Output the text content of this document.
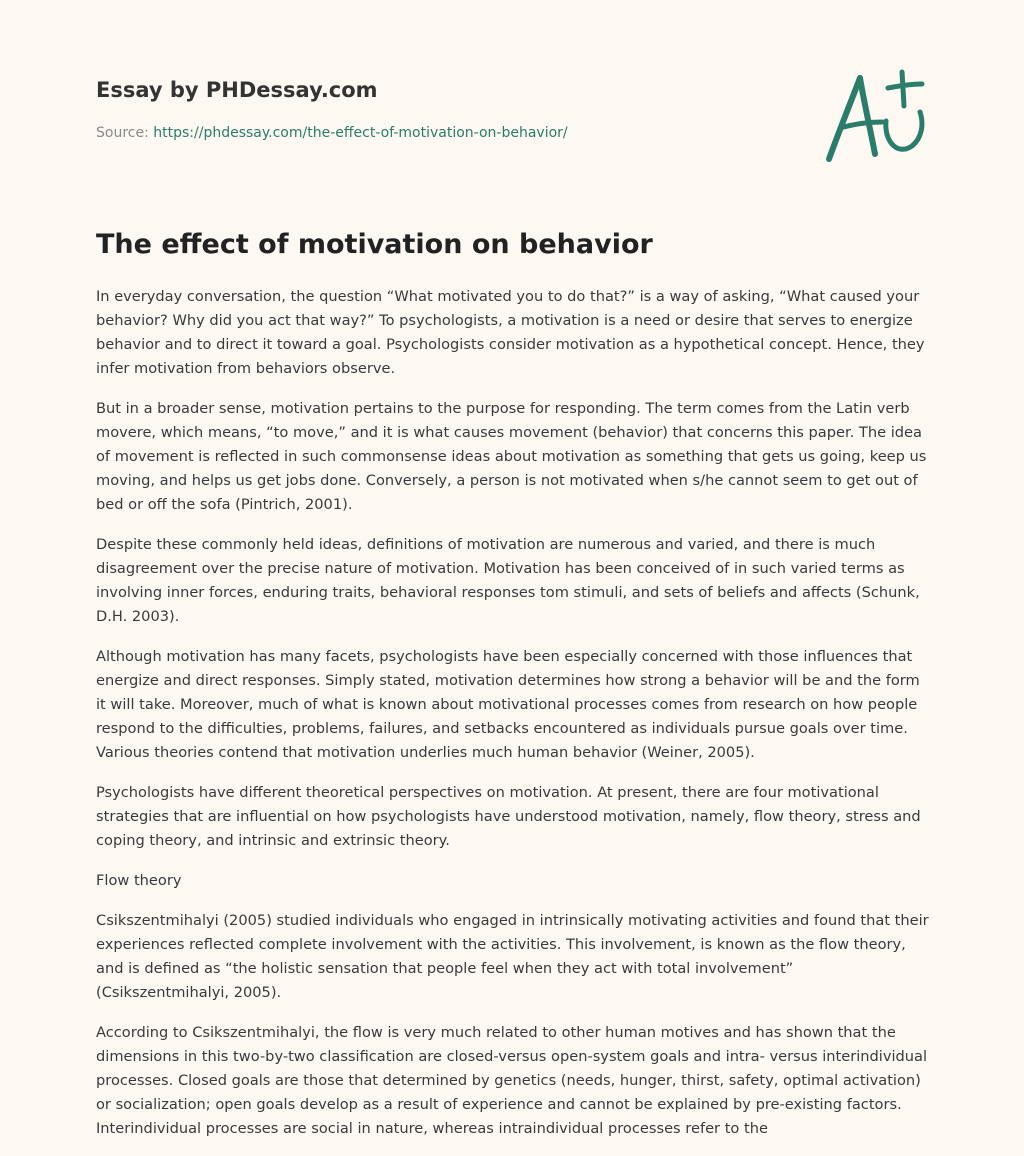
Essay by PHDessay.com
Source: https://phdessay.com/the-effect-of-motivation-on-behavior/
The effect of motivation on behavior

In everyday conversation, the question “What motivated you to do that?” is a way of asking, “What caused your behavior? Why did you act that way?” To psychologists, a motivation is a need or desire that serves to energize behavior and to direct it toward a goal. Psychologists consider motivation as a hypothetical concept. Hence, they infer motivation from behaviors observe.

But in a broader sense, motivation pertains to the purpose for responding. The term comes from the Latin verb movere, which means, “to move,” and it is what causes movement (behavior) that concerns this paper. The idea of movement is reflected in such commonsense ideas about motivation as something that gets us going, keep us moving, and helps us get jobs done. Conversely, a person is not motivated when s/he cannot seem to get out of bed or off the sofa (Pintrich, 2001).

Despite these commonly held ideas, definitions of motivation are numerous and varied, and there is much disagreement over the precise nature of motivation. Motivation has been conceived of in such varied terms as involving inner forces, enduring traits, behavioral responses tom stimuli, and sets of beliefs and affects (Schunk, D.H. 2003).

Although motivation has many facets, psychologists have been especially concerned with those influences that energize and direct responses. Simply stated, motivation determines how strong a behavior will be and the form it will take. Moreover, much of what is known about motivational processes comes from research on how people respond to the difficulties, problems, failures, and setbacks encountered as individuals pursue goals over time. Various theories contend that motivation underlies much human behavior (Weiner, 2005).

Psychologists have different theoretical perspectives on motivation. At present, there are four motivational strategies that are influential on how psychologists have understood motivation, namely, flow theory, stress and coping theory, and intrinsic and extrinsic theory.

Flow theory

Csikszentmihalyi (2005) studied individuals who engaged in intrinsically motivating activities and found that their experiences reflected complete involvement with the activities. This involvement, is known as the flow theory, and is defined as “the holistic sensation that people feel when they act with total involvement” (Csikszentmihalyi, 2005).

According to Csikszentmihalyi, the flow is very much related to other human motives and has shown that the dimensions in this two-by-two classification are closed-versus open-system goals and intra- versus interindividual processes. Closed goals are those that determined by genetics (needs, hunger, thirst, safety, optimal activation) or socialization; open goals develop as a result of experience and cannot be explained by pre-existing factors. Interindividual processes are social in nature, whereas intraindividual processes refer to the
